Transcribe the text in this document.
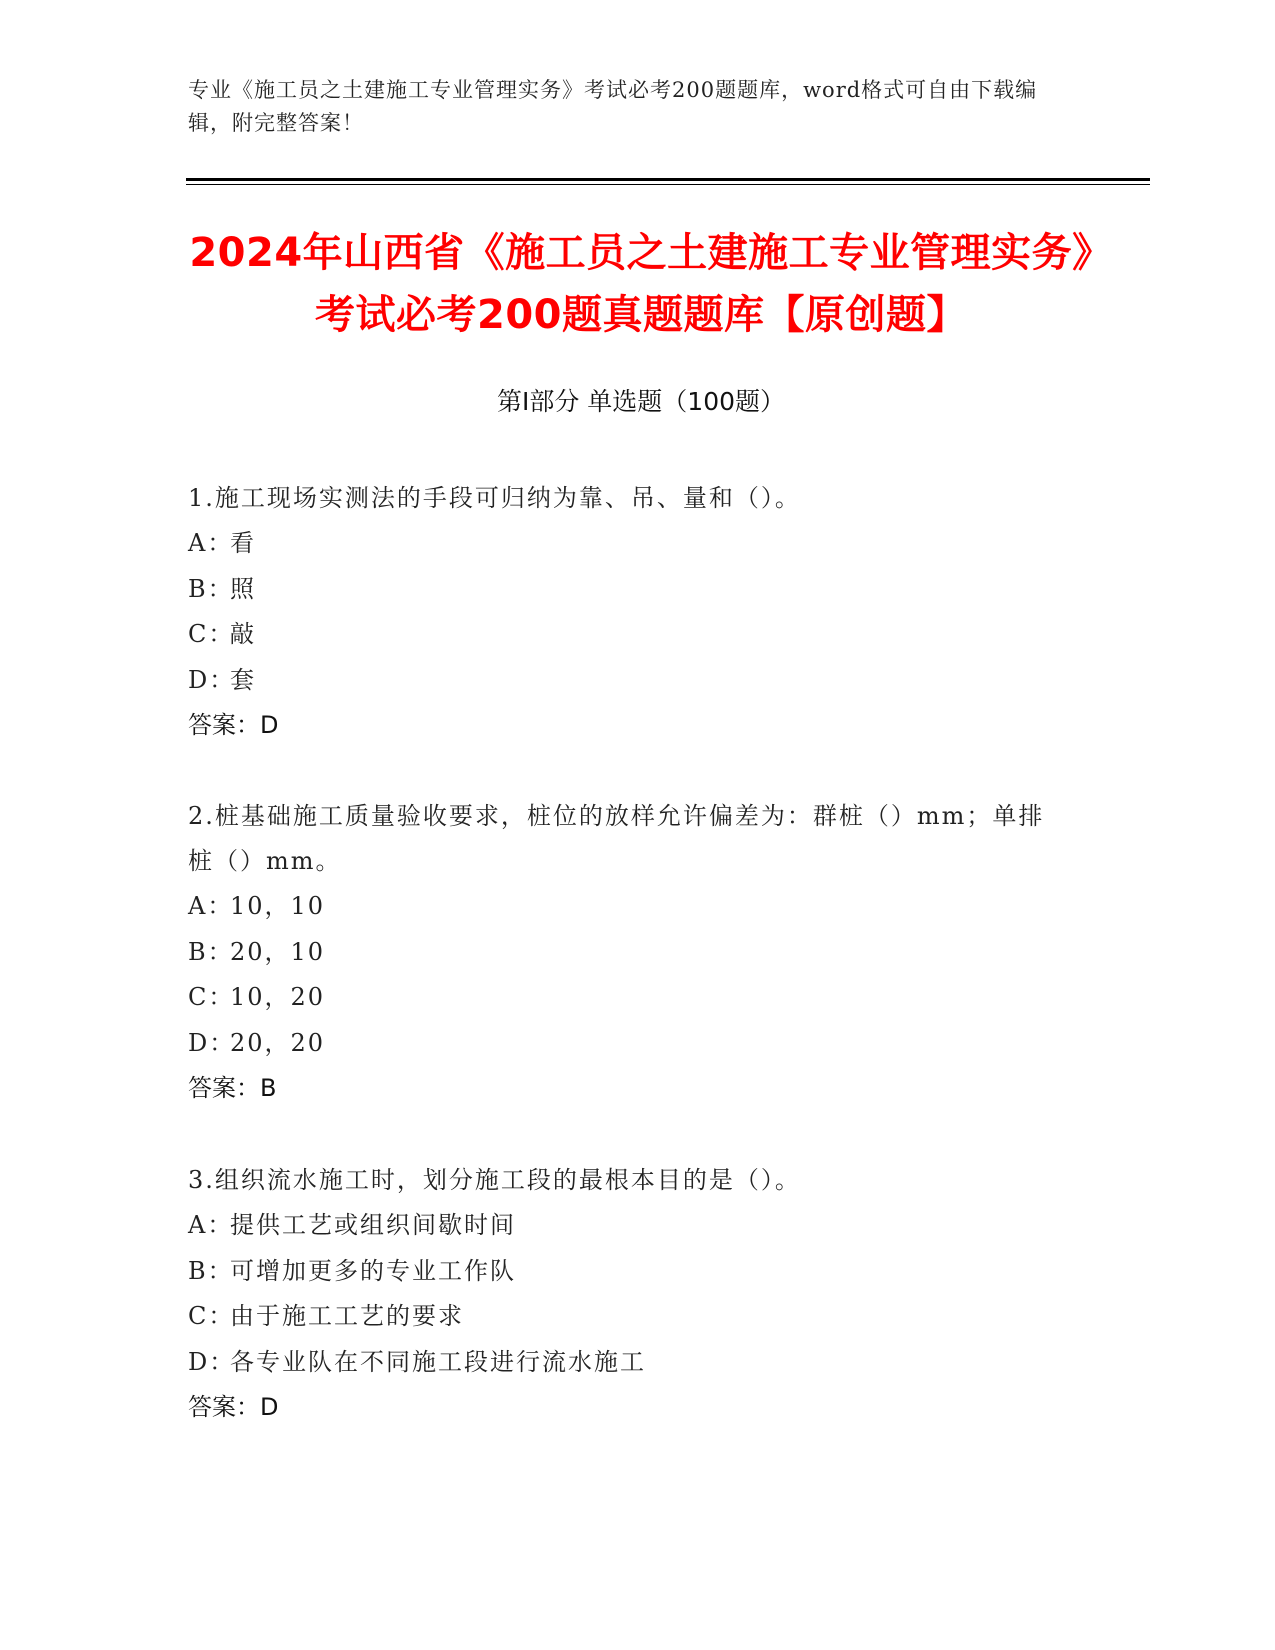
专业《施工员之土建施工专业管理实务》考试必考200题题库，word格式可自由下载编辑，附完整答案！
2024年山西省《施工员之土建施工专业管理实务》考试必考200题真题题库【原创题】
第Ⅰ部分 单选题（100题）

1.施工现场实测法的手段可归纳为靠、吊、量和（）。

A：看

B：照

C：敲

D：套

答案：D

2.桩基础施工质量验收要求，桩位的放样允许偏差为：群桩（）mm；单排桩（）mm。

A：10，10

B：20，10

C：10，20

D：20，20

答案：B

3.组织流水施工时，划分施工段的最根本目的是（）。

A：提供工艺或组织间歇时间

B：可增加更多的专业工作队

C：由于施工工艺的要求

D：各专业队在不同施工段进行流水施工

答案：D
